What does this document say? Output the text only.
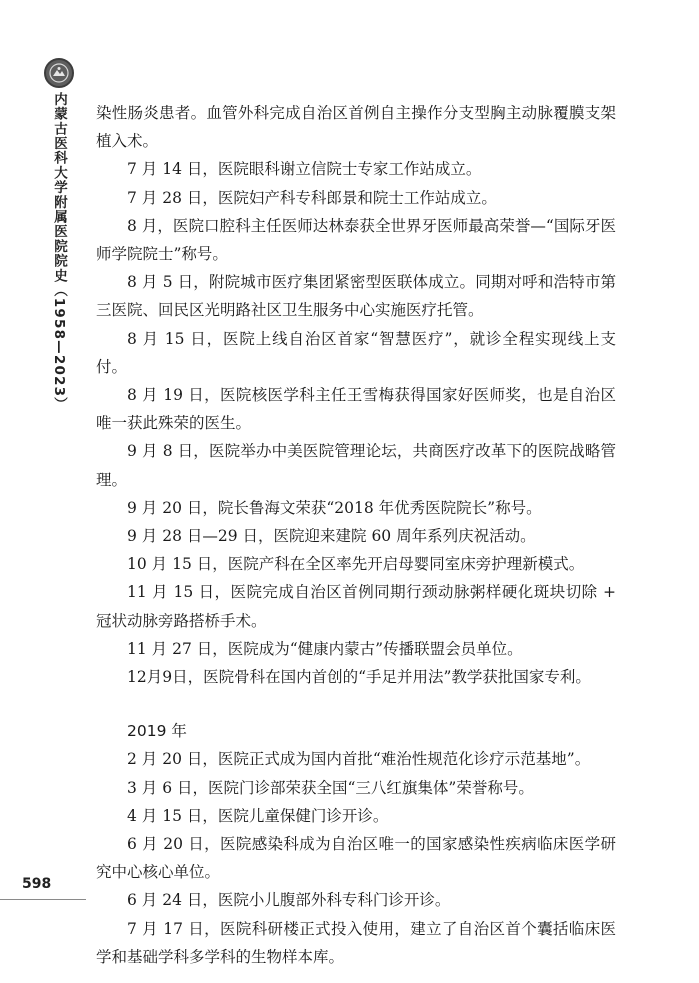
内蒙古医科大学附属医院院史（1958—2023）
598

染性肠炎患者。血管外科完成自治区首例自主操作分支型胸主动脉覆膜支架植入术。

7 月 14 日，医院眼科谢立信院士专家工作站成立。

7 月 28 日，医院妇产科专科郎景和院士工作站成立。

8 月，医院口腔科主任医师达林泰获全世界牙医师最高荣誉—“国际牙医师学院院士”称号。

8 月 5 日，附院城市医疗集团紧密型医联体成立。同期对呼和浩特市第三医院、回民区光明路社区卫生服务中心实施医疗托管。

8 月 15 日，医院上线自治区首家“智慧医疗”，就诊全程实现线上支付。

8 月 19 日，医院核医学科主任王雪梅获得国家好医师奖，也是自治区唯一获此殊荣的医生。

9 月 8 日，医院举办中美医院管理论坛，共商医疗改革下的医院战略管理。

9 月 20 日，院长鲁海文荣获“2018 年优秀医院院长”称号。

9 月 28 日—29 日，医院迎来建院 60 周年系列庆祝活动。

10 月 15 日，医院产科在全区率先开启母婴同室床旁护理新模式。

11 月 15 日，医院完成自治区首例同期行颈动脉粥样硬化斑块切除 + 冠状动脉旁路搭桥手术。

11 月 27 日，医院成为“健康内蒙古”传播联盟会员单位。

12月9日，医院骨科在国内首创的“手足并用法”教学获批国家专利。

2019 年

2 月 20 日，医院正式成为国内首批“难治性规范化诊疗示范基地”。

3 月 6 日，医院门诊部荣获全国“三八红旗集体”荣誉称号。

4 月 15 日，医院儿童保健门诊开诊。

6 月 20 日，医院感染科成为自治区唯一的国家感染性疾病临床医学研究中心核心单位。

6 月 24 日，医院小儿腹部外科专科门诊开诊。

7 月 17 日，医院科研楼正式投入使用，建立了自治区首个囊括临床医学和基础学科多学科的生物样本库。
